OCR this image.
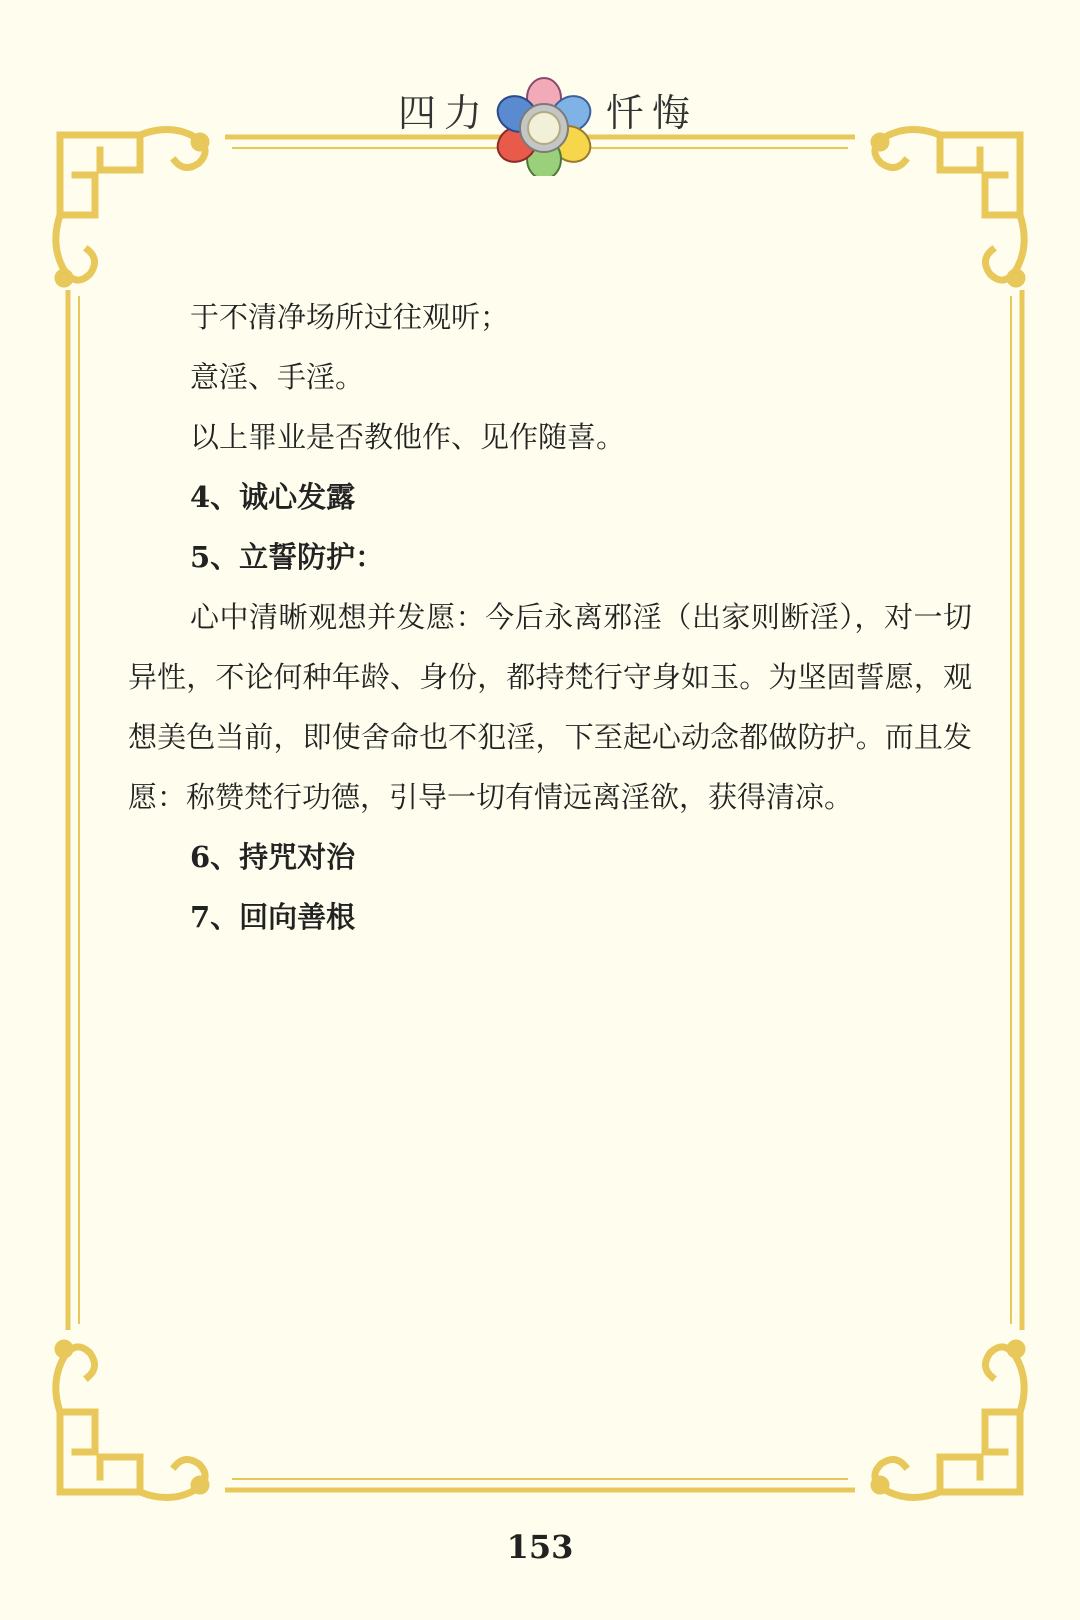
四力	忏悔

于不清净场所过往观听；

意淫、手淫。

以上罪业是否教他作、见作随喜。

4、诚心发露

5、立誓防护：

心中清晰观想并发愿：今后永离邪淫（出家则断淫），对一切异性，不论何种年龄、身份，都持梵行守身如玉。为坚固誓愿，观想美色当前，即使舍命也不犯淫，下至起心动念都做防护。而且发愿：称赞梵行功德，引导一切有情远离淫欲，获得清凉。

6、持咒对治

7、回向善根

153
